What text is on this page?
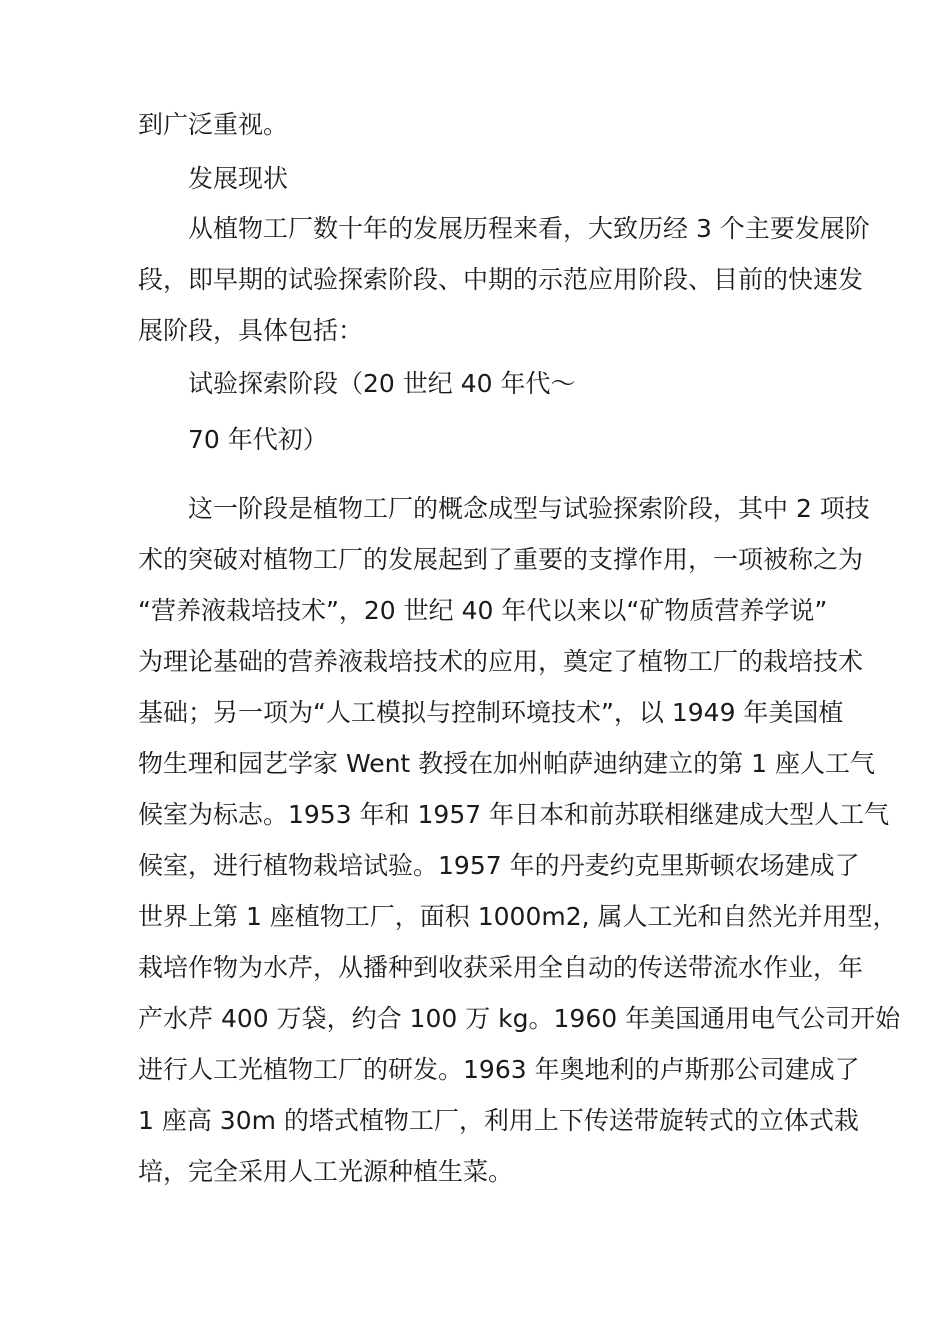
到广泛重视。
发展现状
从植物工厂数十年的发展历程来看，大致历经 3 个主要发展阶
段，即早期的试验探索阶段、中期的示范应用阶段、目前的快速发
展阶段，具体包括：
试验探索阶段（20 世纪 40 年代～
70 年代初）
这一阶段是植物工厂的概念成型与试验探索阶段，其中 2 项技
术的突破对植物工厂的发展起到了重要的支撑作用，一项被称之为
“营养液栽培技术”，20 世纪 40 年代以来以“矿物质营养学说”
为理论基础的营养液栽培技术的应用，奠定了植物工厂的栽培技术
基础；另一项为“人工模拟与控制环境技术”，以 1949 年美国植
物生理和园艺学家 Went 教授在加州帕萨迪纳建立的第 1 座人工气
候室为标志。1953 年和 1957 年日本和前苏联相继建成大型人工气
候室，进行植物栽培试验。1957 年的丹麦约克里斯顿农场建成了
世界上第 1 座植物工厂，面积 1000m2, 属人工光和自然光并用型，
栽培作物为水芹，从播种到收获采用全自动的传送带流水作业，年
产水芹 400 万袋，约合 100 万 kg。1960 年美国通用电气公司开始
进行人工光植物工厂的研发。1963 年奥地利的卢斯那公司建成了
1 座高 30m 的塔式植物工厂，利用上下传送带旋转式的立体式栽
培，完全采用人工光源种植生菜。
